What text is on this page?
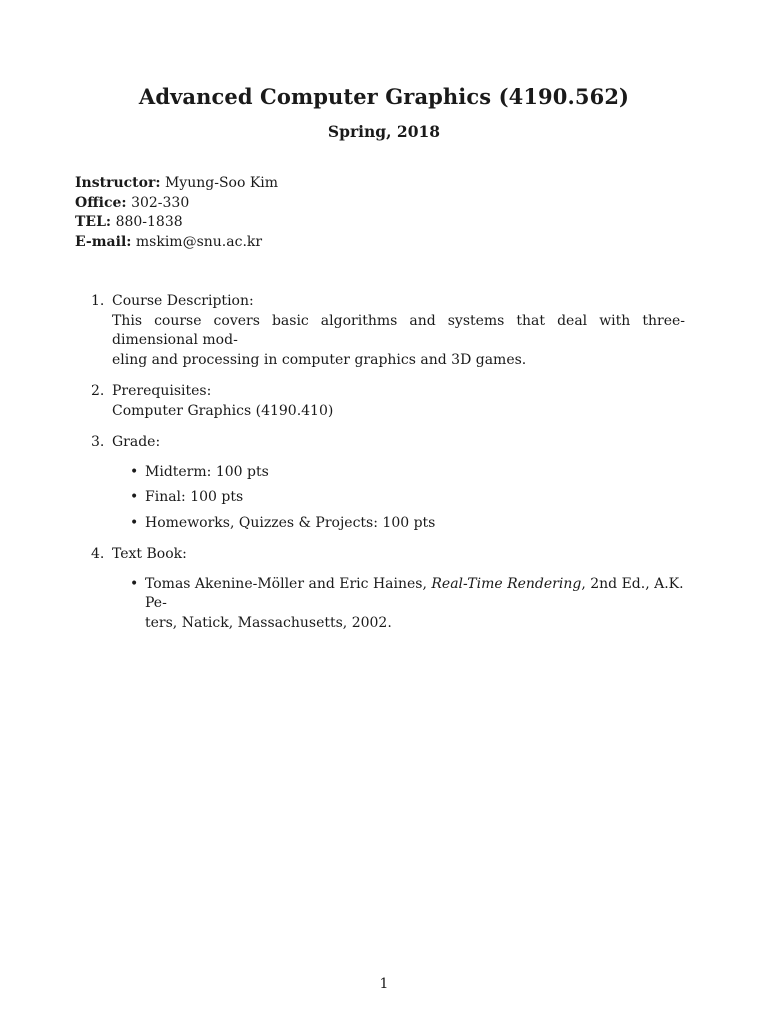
Advanced Computer Graphics (4190.562)
Spring, 2018
Instructor: Myung-Soo Kim
Office: 302-330
TEL: 880-1838
E-mail: mskim@snu.ac.kr
1. Course Description:
This course covers basic algorithms and systems that deal with three-dimensional mod-
eling and processing in computer graphics and 3D games.
2. Prerequisites:
Computer Graphics (4190.410)
3. Grade:
• Midterm: 100 pts
• Final: 100 pts
• Homeworks, Quizzes & Projects: 100 pts
4. Text Book:
• Tomas Akenine-Möller and Eric Haines, Real-Time Rendering, 2nd Ed., A.K. Pe-
ters, Natick, Massachusetts, 2002.
1
